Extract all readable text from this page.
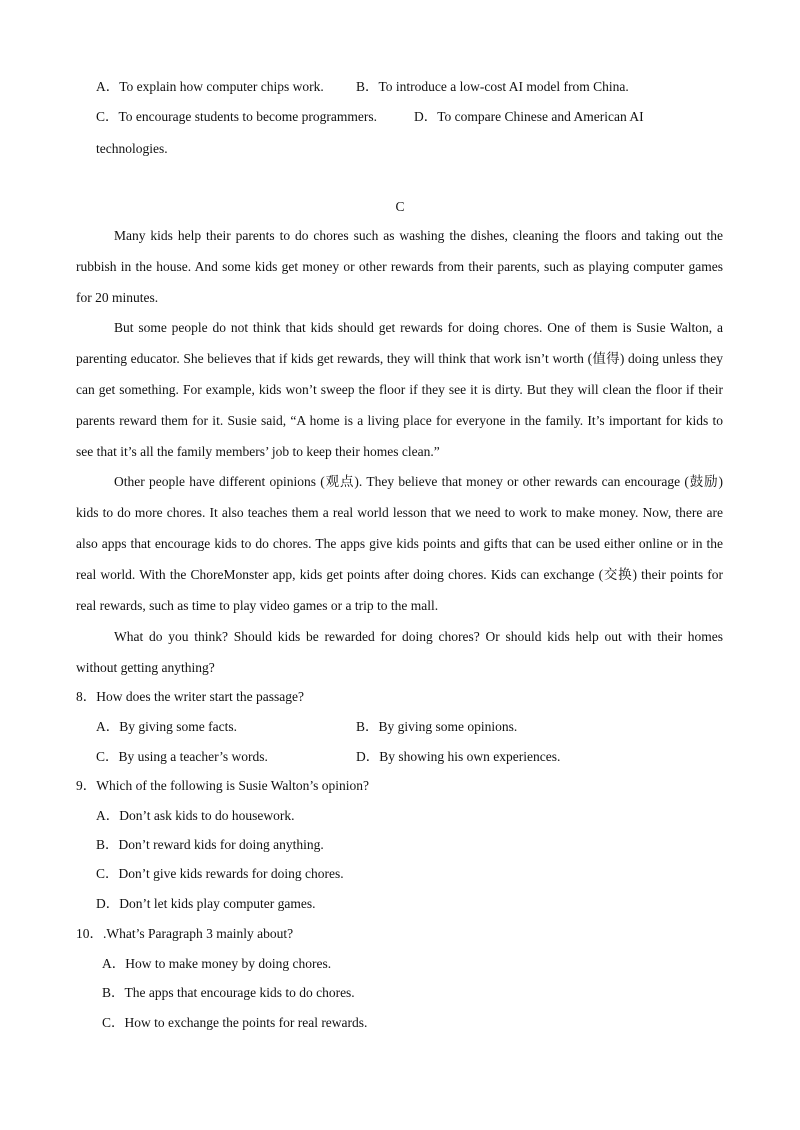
A．To explain how computer chips work. B．To introduce a low-cost AI model from China.
C．To encourage students to become programmers.	D．To compare Chinese and American AI
technologies.
C
Many kids help their parents to do chores such as washing the dishes, cleaning the floors and taking out the rubbish in the house. And some kids get money or other rewards from their parents, such as playing computer games for 20 minutes.
But some people do not think that kids should get rewards for doing chores. One of them is Susie Walton, a parenting educator. She believes that if kids get rewards, they will think that work isn’t worth (值得) doing unless they can get something. For example, kids won’t sweep the floor if they see it is dirty. But they will clean the floor if their parents reward them for it. Susie said, “A home is a living place for everyone in the family. It’s important for kids to see that it’s all the family members’ job to keep their homes clean.”
Other people have different opinions (观点). They believe that money or other rewards can encourage (鼓励) kids to do more chores. It also teaches them a real world lesson that we need to work to make money. Now, there are also apps that encourage kids to do chores. The apps give kids points and gifts that can be used either online or in the real world. With the ChoreMonster app, kids get points after doing chores. Kids can exchange (交换) their points for real rewards, such as time to play video games or a trip to the mall.
What do you think? Should kids be rewarded for doing chores? Or should kids help out with their homes without getting anything?
8．How does the writer start the passage?
A．By giving some facts.	B．By giving some opinions.
C．By using a teacher’s words.	D．By showing his own experiences.
9．Which of the following is Susie Walton’s opinion?
A．Don’t ask kids to do housework.
B．Don’t reward kids for doing anything.
C．Don’t give kids rewards for doing chores.
D．Don’t let kids play computer games.
10．.What’s Paragraph 3 mainly about?
A．How to make money by doing chores.
B．The apps that encourage kids to do chores.
C．How to exchange the points for real rewards.
